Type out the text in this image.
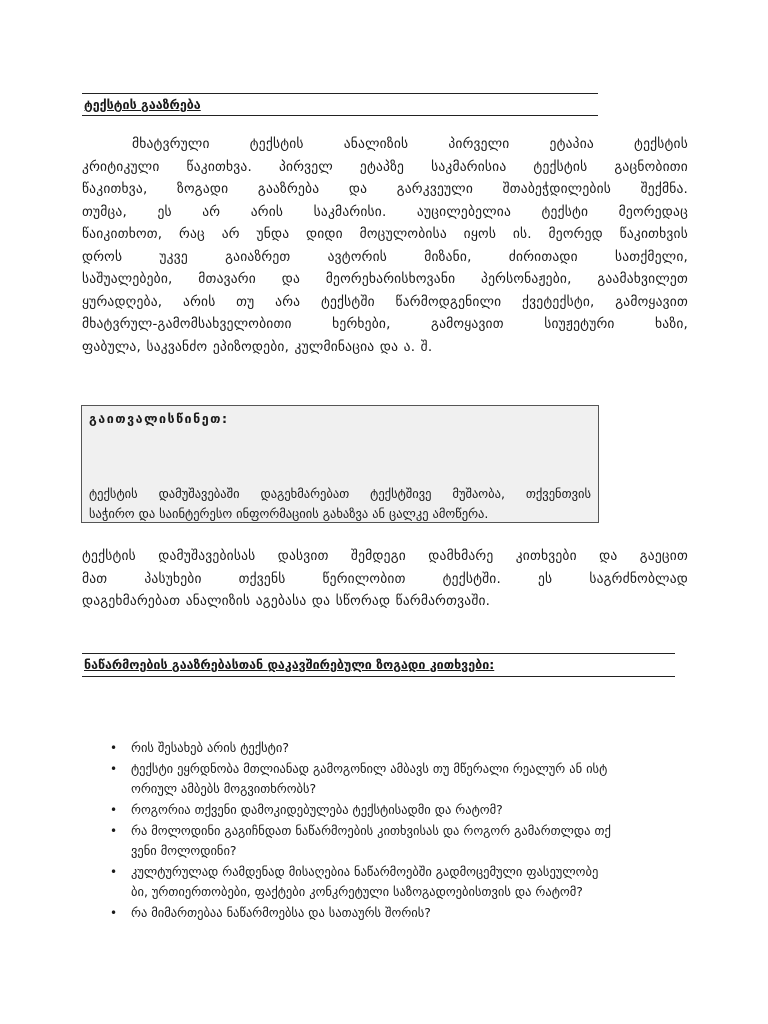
ტექსტის გააზრება
მხატვრული ტექსტის ანალიზის პირველი ეტაპია ტექსტის
კრიტიკული წაკითხვა. პირველ ეტაპზე საკმარისია ტექსტის გაცნობითი
წაკითხვა, ზოგადი გააზრება და გარკვეული შთაბეჭდილების შექმნა.
თუმცა, ეს არ არის საკმარისი. აუცილებელია ტექსტი მეორედაც
წაიკითხოთ, რაც არ უნდა დიდი მოცულობისა იყოს ის. მეორედ წაკითხვის
დროს უკვე გაიაზრეთ ავტორის მიზანი, ძირითადი სათქმელი,
საშუალებები, მთავარი და მეორეხარისხოვანი პერსონაჟები, გაამახვილეთ
ყურადღება, არის თუ არა ტექსტში წარმოდგენილი ქვეტექსტი, გამოყავით
მხატვრულ-გამომსახველობითი ხერხები, გამოყავით სიუჟეტური ხაზი,
ფაბულა, საკვანძო ეპიზოდები, კულმინაცია და ა. შ.
გაითვალისწინეთ:
ტექსტის დამუშავებაში დაგეხმარებათ ტექსტშივე მუშაობა, თქვენთვის
საჭირო და საინტერესო ინფორმაციის გახაზვა ან ცალკე ამოწერა.
ტექსტის დამუშავებისას დასვით შემდეგი დამხმარე კითხვები და გაეცით
მათ პასუხები თქვენს წერილობით ტექსტში. ეს საგრძნობლად
დაგეხმარებათ ანალიზის აგებასა და სწორად წარმართვაში.
ნაწარმოების გააზრებასთან დაკავშირებული ზოგადი კითხვები:
• რის შესახებ არის ტექსტი?
• ტექსტი ეყრდნობა მთლიანად გამოგონილ ამბავს თუ მწერალი რეალურ ან ისტ
ორიულ ამბებს მოგვითხრობს?
• როგორია თქვენი დამოკიდებულება ტექსტისადმი და რატომ?
• რა მოლოდინი გაგიჩნდათ ნაწარმოების კითხვისას და როგორ გამართლდა თქ
ვენი მოლოდინი?
• კულტურულად რამდენად მისაღებია ნაწარმოებში გადმოცემული ფასეულობე
ბი, ურთიერთობები, ფაქტები კონკრეტული საზოგადოებისთვის და რატომ?
• რა მიმართებაა ნაწარმოებსა და სათაურს შორის?
